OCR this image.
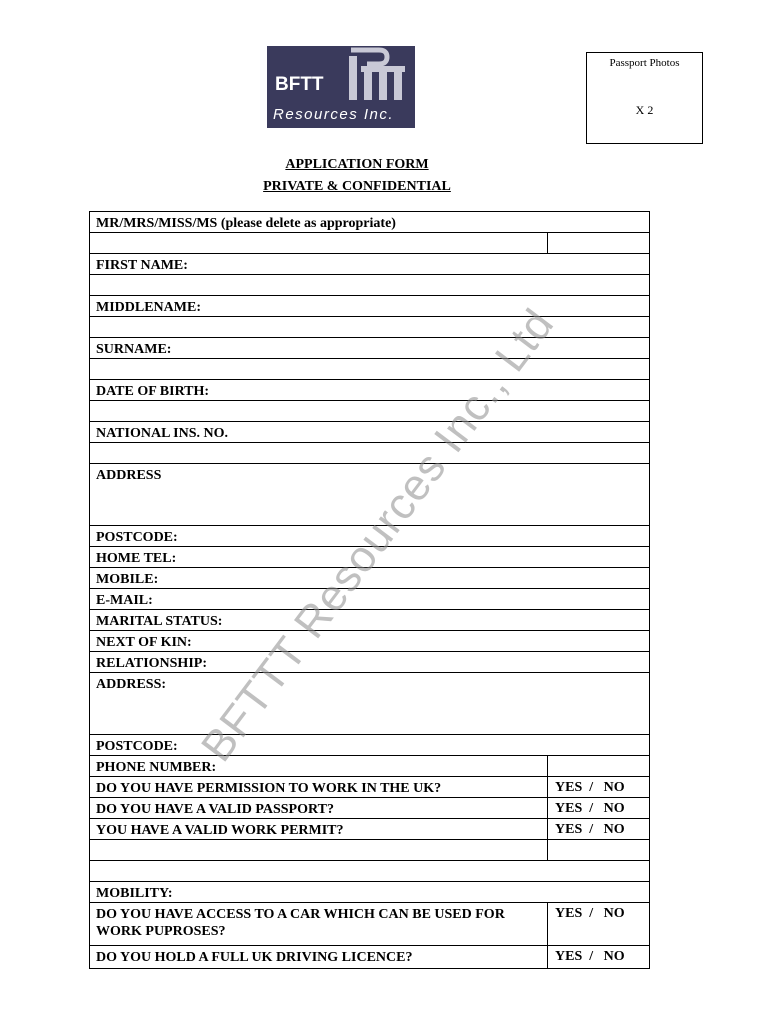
BFTT
Resources Inc.
Passport Photos
X 2
APPLICATION FORM
PRIVATE & CONFIDENTIAL
MR/MRS/MISS/MS (please delete as appropriate)
FIRST NAME:
MIDDLENAME:
SURNAME:
DATE OF BIRTH:
NATIONAL INS. NO.
ADDRESS
POSTCODE:
HOME TEL:
MOBILE:
E-MAIL:
MARITAL STATUS:
NEXT OF KIN:
RELATIONSHIP:
ADDRESS:
POSTCODE:
PHONE NUMBER:
DO YOU HAVE PERMISSION TO WORK IN THE UK?	YES  /   NO
DO YOU HAVE A VALID PASSPORT?	YES  /   NO
YOU HAVE A VALID WORK PERMIT?	YES  /   NO
MOBILITY:
DO YOU HAVE ACCESS TO A CAR WHICH CAN BE USED FOR WORK PUPROSES?
YES  /   NO
DO YOU HOLD A FULL UK DRIVING LICENCE?	YES  /   NO
BFTTT Resources Inc., Ltd
